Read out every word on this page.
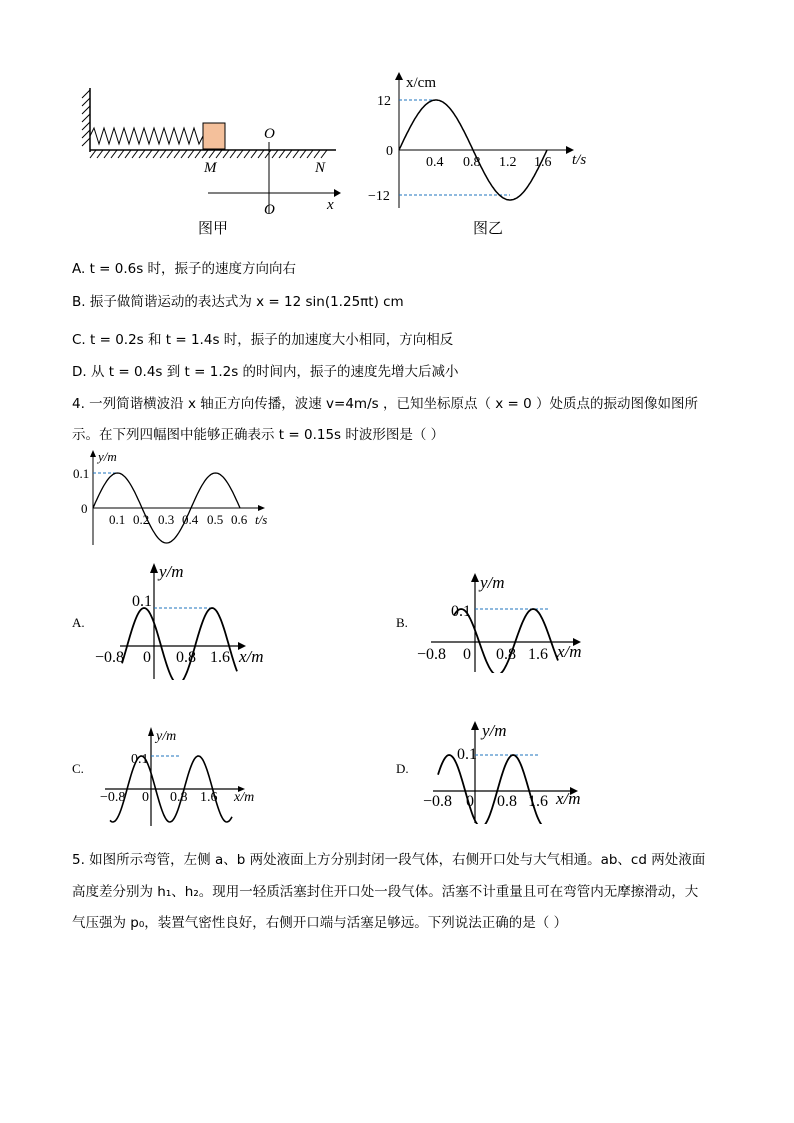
O
M	N
O	x
图甲
x/cm
t/s
12
0
−12
0.4 0.8 1.2 1.6
图乙
A. t = 0.6s 时，振子的速度方向向右
B. 振子做简谐运动的表达式为 x = 12 sin(1.25πt) cm
C. t = 0.2s 和 t = 1.4s 时，振子的加速度大小相同，方向相反
D. 从 t = 0.4s 到 t = 1.2s 的时间内，振子的速度先增大后减小
4. 一列简谐横波沿 x 轴正方向传播，波速 v=4m/s ，已知坐标原点（ x = 0 ）处质点的振动图像如图所
示。在下列四幅图中能够正确表示 t = 0.15s 时波形图是（ ）
y/m
0.1
0
0.1 0.2 0.3 0.4 0.5 0.6 t/s
A.
y/m
0.1
−0.8 0 0.8 1.6 x/m
B.
y/m
0.1
−0.8 0 0.8 1.6 x/m
C.
y/m
0.1
−0.8 0 0.8 1.6 x/m
D.
y/m
0.1
−0.8 0 0.8 1.6 x/m
5. 如图所示弯管，左侧 a、b 两处液面上方分别封闭一段气体，右侧开口处与大气相通。ab、cd 两处液面
高度差分别为 h₁、h₂。现用一轻质活塞封住开口处一段气体。活塞不计重量且可在弯管内无摩擦滑动，大
气压强为 p₀，装置气密性良好，右侧开口端与活塞足够远。下列说法正确的是（ ）
